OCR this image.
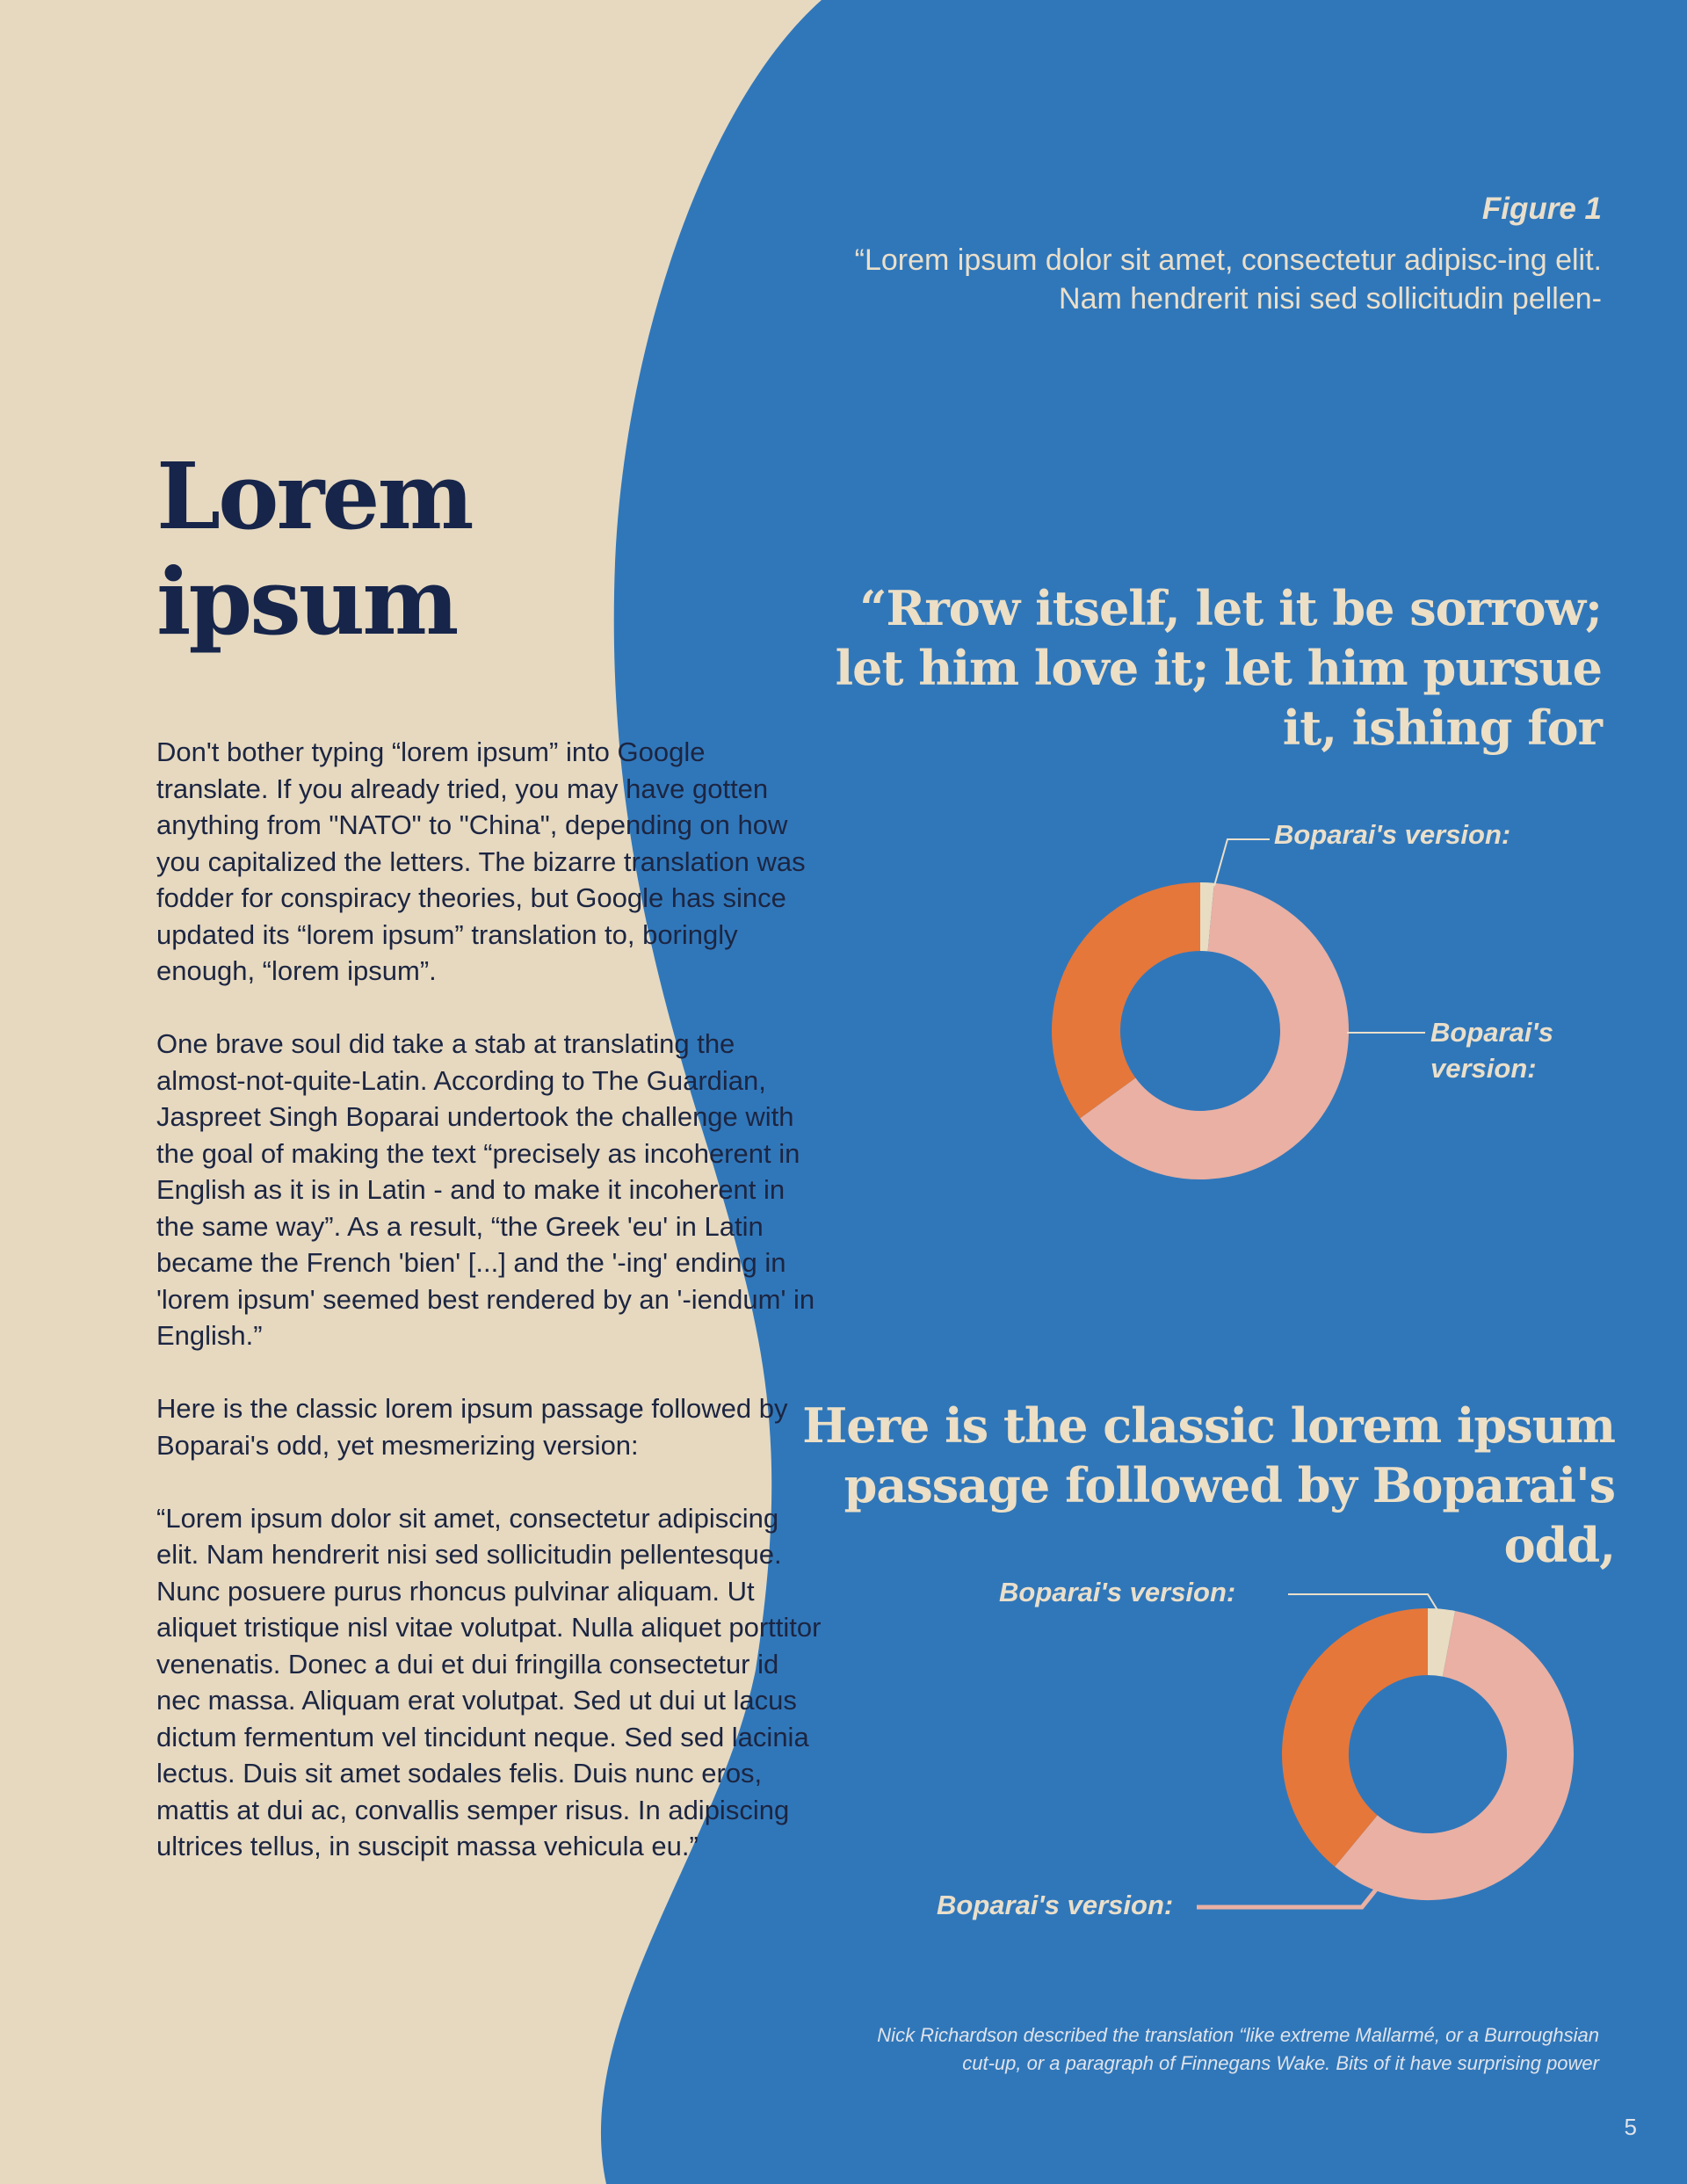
Figure 1
“Lorem ipsum dolor sit amet, consectetur adipisc-ing elit. Nam hendrerit nisi sed sollicitudin pellen-
Lorem
ipsum

Don't bother typing “lorem ipsum” into Google translate. If you already tried, you may have gotten anything from "NATO" to "China", depending on how you capitalized the letters. The bizarre translation was fodder for conspiracy theories, but Google has since updated its “lorem ipsum” translation to, boringly enough, “lorem ipsum”.

One brave soul did take a stab at translating the almost-not-quite-Latin. According to The Guardian, Jaspreet Singh Boparai undertook the challenge with the goal of making the text “precisely as incoherent in English as it is in Latin - and to make it incoherent in the same way”. As a result, “the Greek 'eu' in Latin became the French 'bien' [...] and the '-ing' ending in 'lorem ipsum' seemed best rendered by an '-iendum' in English.”

Here is the classic lorem ipsum passage followed by Boparai's odd, yet mesmerizing version:

“Lorem ipsum dolor sit amet, consectetur adipiscing elit. Nam hendrerit nisi sed sollicitudin pellentesque. Nunc posuere purus rhoncus pulvinar aliquam. Ut aliquet tristique nisl vitae volutpat. Nulla aliquet porttitor venenatis. Donec a dui et dui fringilla consectetur id nec massa. Aliquam erat volutpat. Sed ut dui ut lacus dictum fermentum vel tincidunt neque. Sed sed lacinia lectus. Duis sit amet sodales felis. Duis nunc eros, mattis at dui ac, convallis semper risus. In adipiscing ultrices tellus, in suscipit massa vehicula eu.”

“Rrow itself, let it be sorrow; let him love it; let him pursue it, ishing for
Here is the classic lorem ipsum passage followed by Boparai's odd,
Boparai's version:
Boparai's
version:
Boparai's version:
Boparai's version:
Nick Richardson described the translation “like extreme Mallarmé, or a Burroughsian
cut-up, or a paragraph of Finnegans Wake. Bits of it have surprising power
5
